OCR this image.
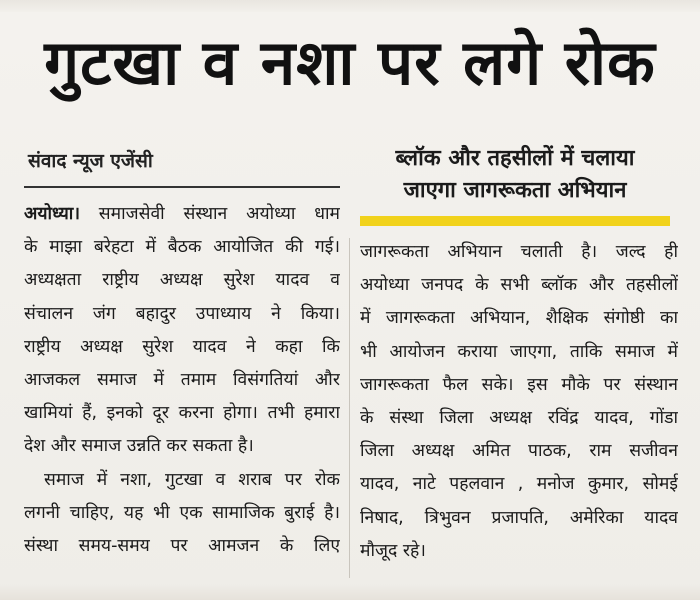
गुटखा व नशा पर लगे रोक
संवाद न्यूज एजेंसी	ब्लॉक और तहसीलों में चलाया
जाएगा जागरूकता अभियान
अयोध्या। समाजसेवी संस्थान अयोध्या धाम
के माझा बरेहटा में बैठक आयोजित की गई।
अध्यक्षता राष्ट्रीय अध्यक्ष सुरेश यादव व
संचालन जंग बहादुर उपाध्याय ने किया।
राष्ट्रीय अध्यक्ष सुरेश यादव ने कहा कि
आजकल समाज में तमाम विसंगतियां और
खामियां हैं, इनको दूर करना होगा। तभी हमारा
देश और समाज उन्नति कर सकता है।
समाज में नशा, गुटखा व शराब पर रोक
लगनी चाहिए, यह भी एक सामाजिक बुराई है।
संस्था समय-समय पर आमजन के लिए
जागरूकता अभियान चलाती है। जल्द ही
अयोध्या जनपद के सभी ब्लॉक और तहसीलों
में जागरूकता अभियान, शैक्षिक संगोष्ठी का
भी आयोजन कराया जाएगा, ताकि समाज में
जागरूकता फैल सके। इस मौके पर संस्थान
के संस्था जिला अध्यक्ष रविंद्र यादव, गोंडा
जिला अध्यक्ष अमित पाठक, राम सजीवन
यादव, नाटे पहलवान , मनोज कुमार, सोमई
निषाद, त्रिभुवन प्रजापति, अमेरिका यादव
मौजूद रहे।
